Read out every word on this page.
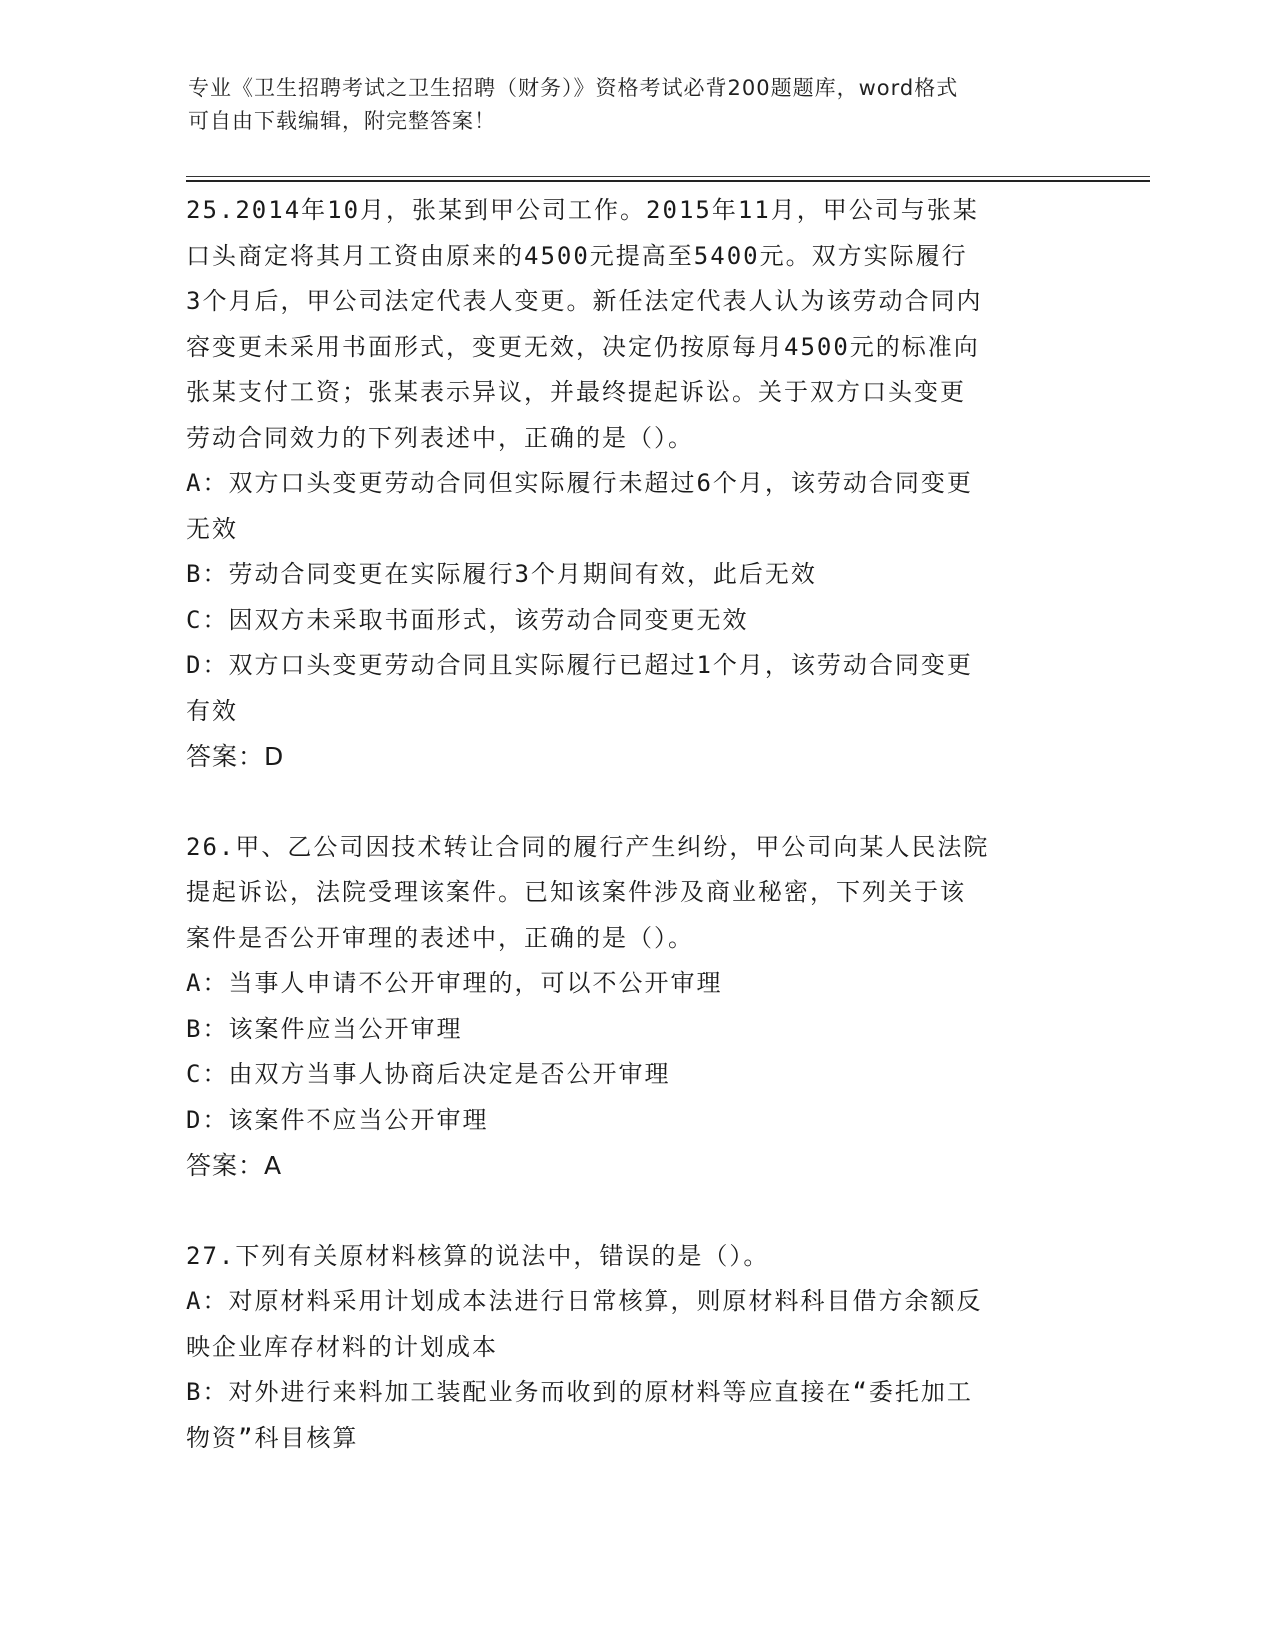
专业《卫生招聘考试之卫生招聘（财务）》资格考试必背200题题库，word格式
可自由下载编辑，附完整答案！
25.2014年10月，张某到甲公司工作。2015年11月，甲公司与张某
口头商定将其月工资由原来的4500元提高至5400元。双方实际履行
3个月后，甲公司法定代表人变更。新任法定代表人认为该劳动合同内
容变更未采用书面形式，变更无效，决定仍按原每月4500元的标准向
张某支付工资；张某表示异议，并最终提起诉讼。关于双方口头变更
劳动合同效力的下列表述中，正确的是（）。
A：双方口头变更劳动合同但实际履行未超过6个月，该劳动合同变更
无效
B：劳动合同变更在实际履行3个月期间有效，此后无效
C：因双方未采取书面形式，该劳动合同变更无效
D：双方口头变更劳动合同且实际履行已超过1个月，该劳动合同变更
有效
答案：D
26.甲、乙公司因技术转让合同的履行产生纠纷，甲公司向某人民法院
提起诉讼，法院受理该案件。已知该案件涉及商业秘密，下列关于该
案件是否公开审理的表述中，正确的是（）。
A：当事人申请不公开审理的，可以不公开审理
B：该案件应当公开审理
C：由双方当事人协商后决定是否公开审理
D：该案件不应当公开审理
答案：A
27.下列有关原材料核算的说法中，错误的是（）。
A：对原材料采用计划成本法进行日常核算，则原材料科目借方余额反
映企业库存材料的计划成本
B：对外进行来料加工装配业务而收到的原材料等应直接在“委托加工
物资”科目核算
